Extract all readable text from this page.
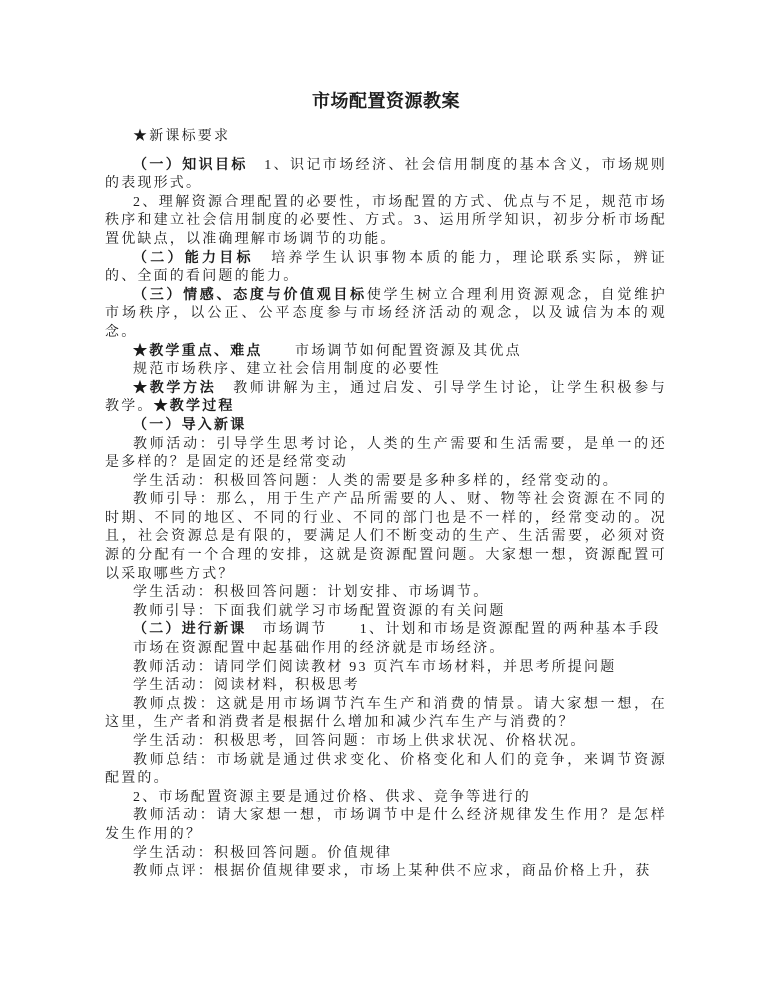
市场配置资源教案

★新课标要求

（一）知识目标　1、识记市场经济、社会信用制度的基本含义，市场规则的表现形式。

2、理解资源合理配置的必要性，市场配置的方式、优点与不足，规范市场秩序和建立社会信用制度的必要性、方式。3、运用所学知识，初步分析市场配置优缺点，以准确理解市场调节的功能。

（二）能力目标　培养学生认识事物本质的能力，理论联系实际，辨证的、全面的看问题的能力。

（三）情感、态度与价值观目标使学生树立合理利用资源观念，自觉维护市场秩序，以公正、公平态度参与市场经济活动的观念，以及诚信为本的观念。

★教学重点、难点　　市场调节如何配置资源及其优点

规范市场秩序、建立社会信用制度的必要性

★教学方法　教师讲解为主，通过启发、引导学生讨论，让学生积极参与教学。★教学过程

（一）导入新课

教师活动：引导学生思考讨论，人类的生产需要和生活需要，是单一的还是多样的？是固定的还是经常变动

学生活动：积极回答问题：人类的需要是多种多样的，经常变动的。

教师引导：那么，用于生产产品所需要的人、财、物等社会资源在不同的时期、不同的地区、不同的行业、不同的部门也是不一样的，经常变动的。况且，社会资源总是有限的，要满足人们不断变动的生产、生活需要，必须对资源的分配有一个合理的安排，这就是资源配置问题。大家想一想，资源配置可以采取哪些方式？

学生活动：积极回答问题：计划安排、市场调节。

教师引导：下面我们就学习市场配置资源的有关问题

（二）进行新课　市场调节　　1、计划和市场是资源配置的两种基本手段

市场在资源配置中起基础作用的经济就是市场经济。

教师活动：请同学们阅读教材 93 页汽车市场材料，并思考所提问题

学生活动：阅读材料，积极思考

教师点拨：这就是用市场调节汽车生产和消费的情景。请大家想一想，在这里，生产者和消费者是根据什么增加和减少汽车生产与消费的？

学生活动：积极思考，回答问题：市场上供求状况、价格状况。

教师总结：市场就是通过供求变化、价格变化和人们的竞争，来调节资源配置的。

2、市场配置资源主要是通过价格、供求、竞争等进行的

教师活动：请大家想一想，市场调节中是什么经济规律发生作用？是怎样发生作用的？

学生活动：积极回答问题。价值规律

教师点评：根据价值规律要求，市场上某种供不应求，商品价格上升，获
